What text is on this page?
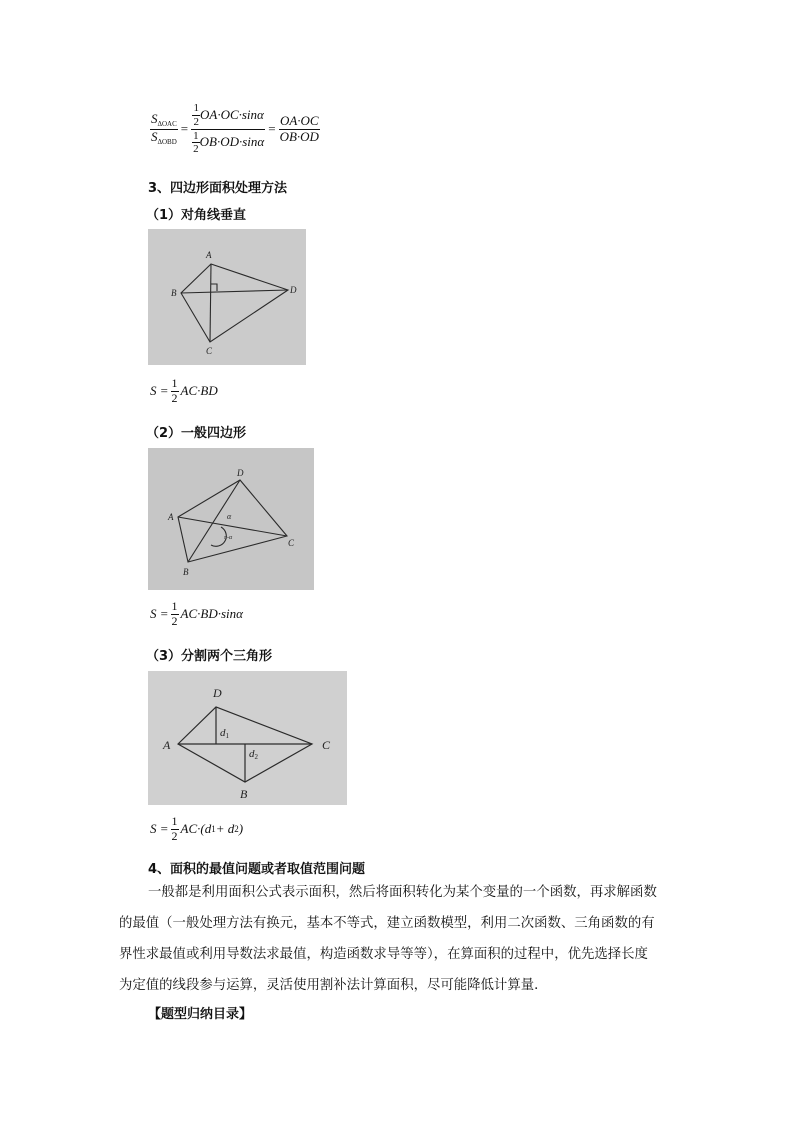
$\frac{S_{\Delta OAC}}{S_{\Delta OBD}} = \frac{\frac{1}{2} OA\cdot OC\cdot\sin\alpha}{\frac{1}{2} OB\cdot OD\cdot\sin\alpha} = \frac{OA\cdot OC}{OB\cdot OD}$
3、四边形面积处理方法
（1）对角线垂直
A
B
C
D
$S = \frac{1}{2} AC\cdot BD$
（2）一般四边形
A
B
C
D
α
π-α
$S = \frac{1}{2} AC\cdot BD\cdot\sin\alpha$
（3）分割两个三角形
A
B
C
D
d1
d2
$S = \frac{1}{2} AC\cdot(d$ 1 + d 2 )
4、面积的最值问题或者取值范围问题
一般都是利用面积公式表示面积，然后将面积转化为某个变量的一个函数，再求解函数
的最值（一般处理方法有换元，基本不等式，建立函数模型，利用二次函数、三角函数的有
界性求最值或利用导数法求最值，构造函数求导等等），在算面积的过程中，优先选择长度
为定值的线段参与运算，灵活使用割补法计算面积，尽可能降低计算量．
【题型归纳目录】
